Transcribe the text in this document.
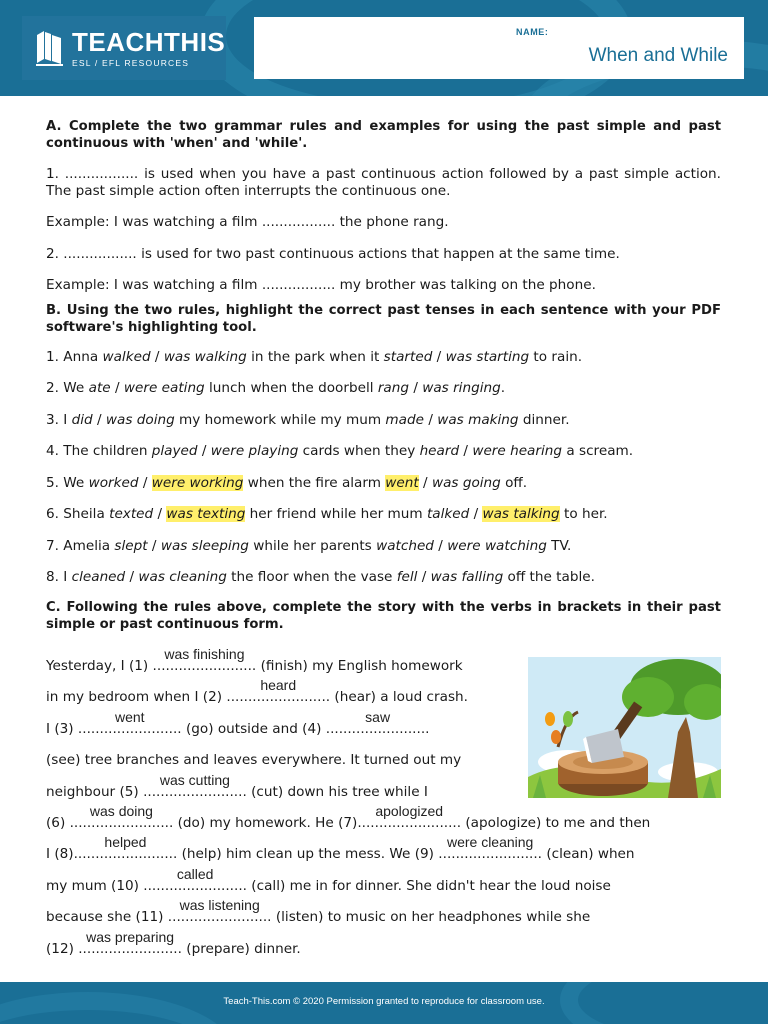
TEACHTHIS
ESL / EFL RESOURCES
NAME:
When and While

A. Complete the two grammar rules and examples for using the past simple and past continuous with 'when' and 'while'.

1. ................. is used when you have a past continuous action followed by a past simple action. The past simple action often interrupts the continuous one.

Example: I was watching a film ................. the phone rang.

2. ................. is used for two past continuous actions that happen at the same time.

Example: I was watching a film ................. my brother was talking on the phone.

B. Using the two rules, highlight the correct past tenses in each sentence with your PDF software's highlighting tool.

1. Anna walked / was walking in the park when it started / was starting to rain.

2. We ate / were eating lunch when the doorbell rang / was ringing.

3. I did / was doing my homework while my mum made / was making dinner.

4. The children played / were playing cards when they heard / were hearing a scream.

5. We worked / were working when the fire alarm went / was going off.

6. Sheila texted / was texting her friend while her mum talked / was talking to her.

7. Amelia slept / was sleeping while her parents watched / were watching TV.

8. I cleaned / was cleaning the floor when the vase fell / was falling off the table.

C. Following the rules above, complete the story with the verbs in brackets in their past simple or past continuous form.

Yesterday, I (1) ........................
was finishing
(finish) my English homework
in my bedroom when I (2) ........................
heard
(hear) a loud crash.
I (3) ........................
went
(go) outside and (4) ........................
saw
(see) tree branches and leaves everywhere. It turned out my
neighbour (5) ........................
was cutting
(cut) down his tree while I
(6) ........................
was doing
(do) my homework. He (7)........................
apologized
(apologize) to me and then
I (8)........................
helped
(help) him clean up the mess. We (9) ........................
were cleaning
(clean) when
my mum (10) ........................
called
(call) me in for dinner. She didn't hear the loud noise
because she (11) ........................
was listening
(listen) to music on her headphones while she
(12) ........................
was preparing
(prepare) dinner.
Teach-This.com © 2020 Permission granted to reproduce for classroom use.
